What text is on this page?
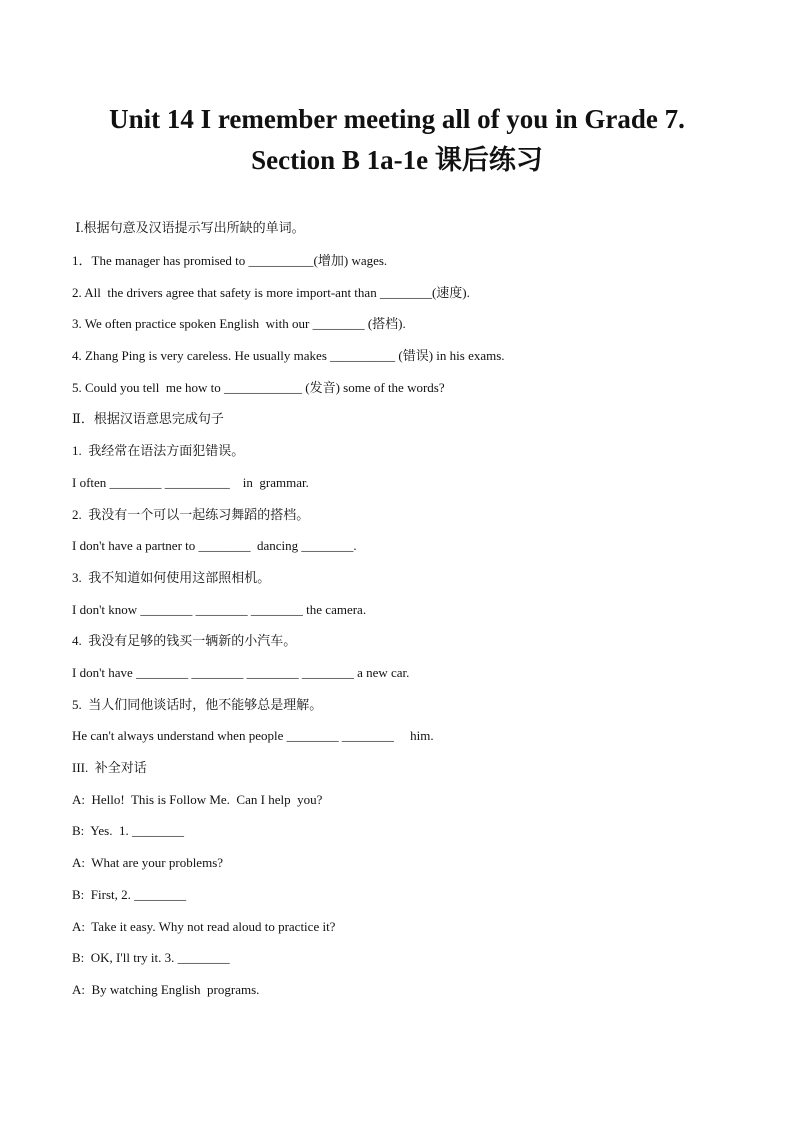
Unit 14 I remember meeting all of you in Grade 7.
Section B 1a-1e 课后练习
Ⅰ.根据句意及汉语提示写出所缺的单词。
1．The manager has promised to __________(增加) wages.
2. All  the drivers agree that safety is more import-ant than ________(速度).
3. We often practice spoken English  with our ________ (搭档).
4. Zhang Ping is very careless. He usually makes __________ (错误) in his exams.
5. Could you tell  me how to ____________ (发音) some of the words?
Ⅱ．根据汉语意思完成句子
1.  我经常在语法方面犯错误。
I often ________ __________    in  grammar.
2.  我没有一个可以一起练习舞蹈的搭档。
I don't have a partner to ________  dancing ________.
3.  我不知道如何使用这部照相机。
I don't know ________ ________ ________ the camera.
4.  我没有足够的钱买一辆新的小汽车。
I don't have ________ ________ ________ ________ a new car.
5.  当人们同他谈话时，他不能够总是理解。
He can't always understand when people ________ ________     him.
III.  补全对话
A:  Hello!  This is Follow Me.  Can I help  you?
B:  Yes.  1. ________
A:  What are your problems?
B:  First, 2. ________
A:  Take it easy. Why not read aloud to practice it?
B:  OK, I'll try it. 3. ________
A:  By watching English  programs.
